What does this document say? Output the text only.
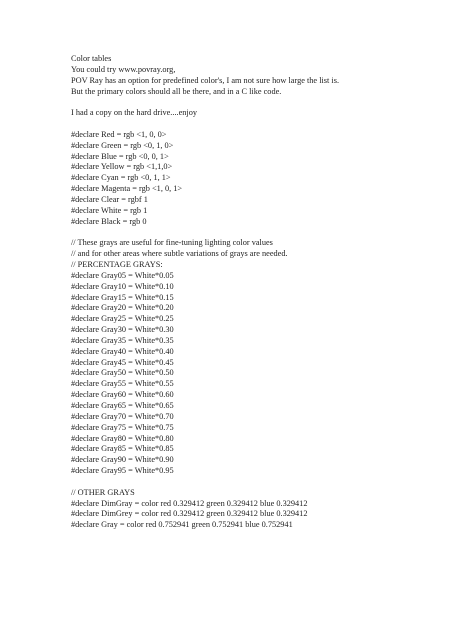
Color tables
You could try www.povray.org,
POV Ray has an option for predefined color's, I am not sure how large the list is.
But the primary colors should all be there, and in a C like code.
I had a copy on the hard drive....enjoy
#declare Red = rgb <1, 0, 0>
#declare Green = rgb <0, 1, 0>
#declare Blue = rgb <0, 0, 1>
#declare Yellow = rgb <1,1,0>
#declare Cyan = rgb <0, 1, 1>
#declare Magenta = rgb <1, 0, 1>
#declare Clear = rgbf 1
#declare White = rgb 1
#declare Black = rgb 0
// These grays are useful for fine-tuning lighting color values
// and for other areas where subtle variations of grays are needed.
// PERCENTAGE GRAYS:
#declare Gray05 = White*0.05
#declare Gray10 = White*0.10
#declare Gray15 = White*0.15
#declare Gray20 = White*0.20
#declare Gray25 = White*0.25
#declare Gray30 = White*0.30
#declare Gray35 = White*0.35
#declare Gray40 = White*0.40
#declare Gray45 = White*0.45
#declare Gray50 = White*0.50
#declare Gray55 = White*0.55
#declare Gray60 = White*0.60
#declare Gray65 = White*0.65
#declare Gray70 = White*0.70
#declare Gray75 = White*0.75
#declare Gray80 = White*0.80
#declare Gray85 = White*0.85
#declare Gray90 = White*0.90
#declare Gray95 = White*0.95
// OTHER GRAYS
#declare DimGray = color red 0.329412 green 0.329412 blue 0.329412
#declare DimGrey = color red 0.329412 green 0.329412 blue 0.329412
#declare Gray = color red 0.752941 green 0.752941 blue 0.752941
